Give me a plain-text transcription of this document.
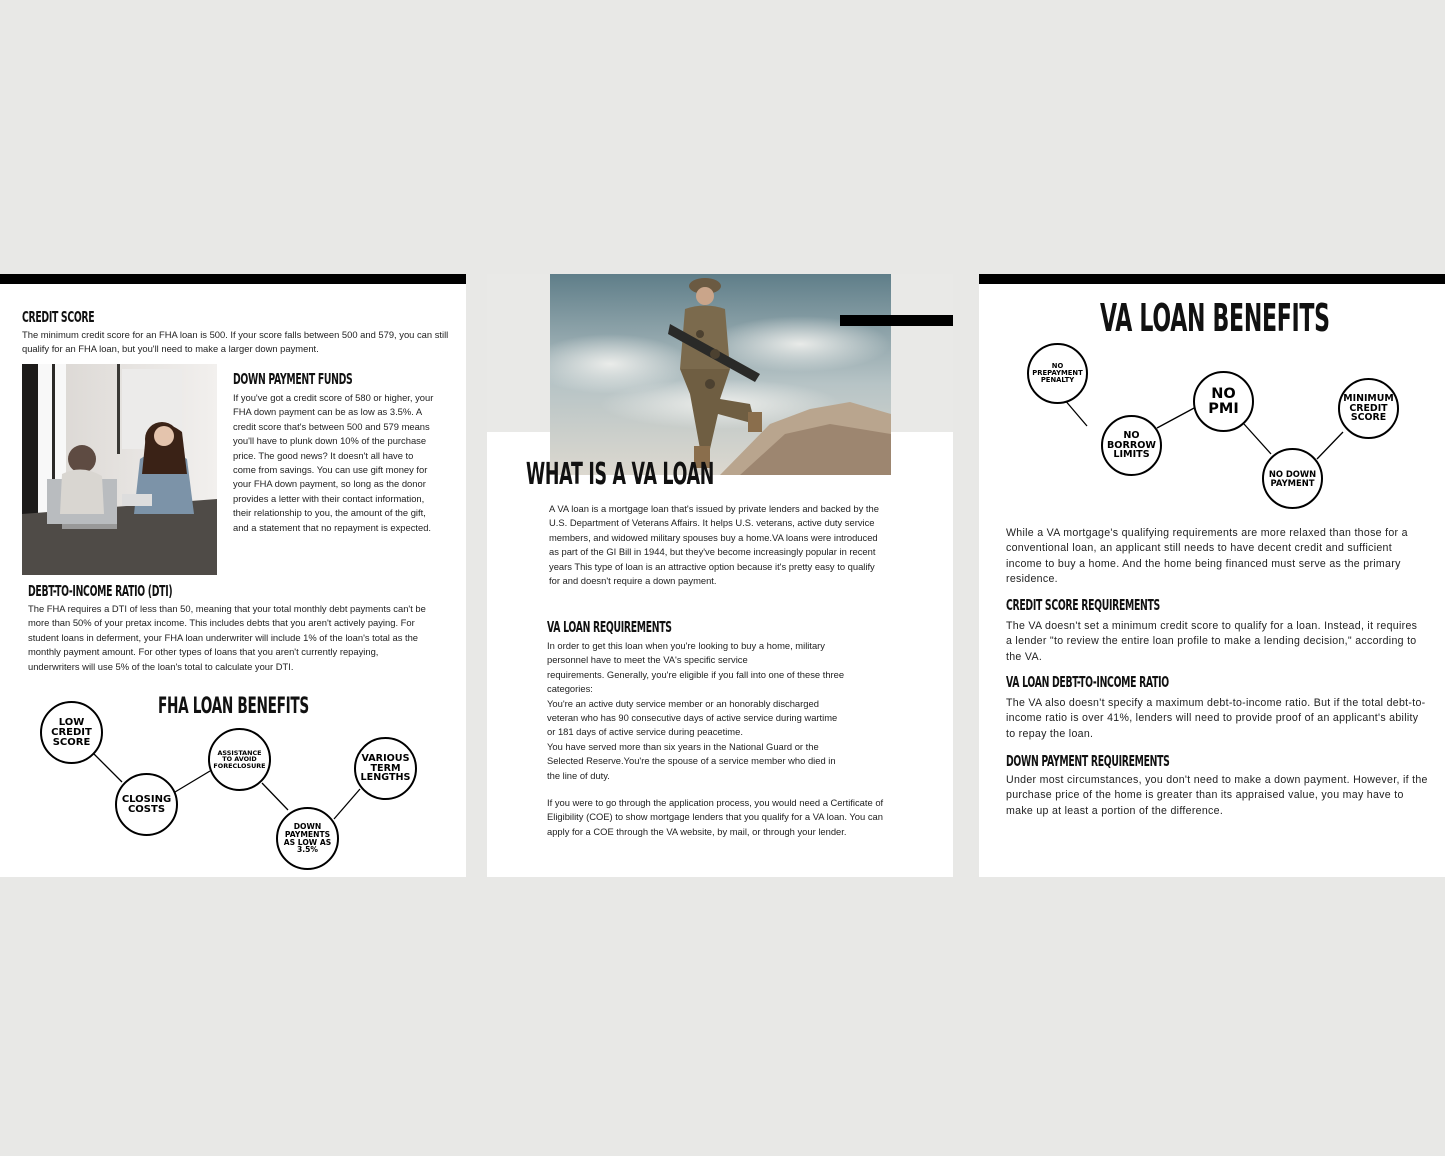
CREDIT SCORE

The minimum credit score for an FHA loan is 500. If your score falls between 500 and 579, you can still qualify for an FHA loan, but you'll need to make a larger down payment.

DOWN PAYMENT FUNDS

If you've got a credit score of 580 or higher, your FHA down payment can be as low as 3.5%. A credit score that's between 500 and 579 means you'll have to plunk down 10% of the purchase price. The good news? It doesn't all have to come from savings. You can use gift money for your FHA down payment, so long as the donor provides a letter with their contact information, their relationship to you, the amount of the gift, and a statement that no repayment is expected.

DEBT-TO-INCOME RATIO (DTI)

The FHA requires a DTI of less than 50, meaning that your total monthly debt payments can't be more than 50% of your pretax income. This includes debts that you aren't actively paying. For student loans in deferment, your FHA loan underwriter will include 1% of the loan's total as the monthly payment amount. For other types of loans that you aren't currently repaying, underwriters will use 5% of the loan's total to calculate your DTI.

FHA LOAN BENEFITS
LOW CREDIT SCORE
CLOSING COSTS
ASSISTANCE TO AVOID FORECLOSURE
DOWN PAYMENTS AS LOW AS 3.5%
VARIOUS TERM LENGTHS
WHAT IS A VA LOAN

A VA loan is a mortgage loan that's issued by private lenders and backed by the U.S. Department of Veterans Affairs. It helps U.S. veterans, active duty service members, and widowed military spouses buy a home.VA loans were introduced as part of the GI Bill in 1944, but they've become increasingly popular in recent years This type of loan is an attractive option because it's pretty easy to qualify for and doesn't require a down payment.

VA LOAN REQUIREMENTS
In order to get this loan when you're looking to buy a home, military
personnel have to meet the VA's specific service
requirements. Generally, you're eligible if you fall into one of these three
categories:
You're an active duty service member or an honorably discharged
veteran who has 90 consecutive days of active service during wartime
or 181 days of active service during peacetime.
You have served more than six years in the National Guard or the
Selected Reserve.You're the spouse of a service member who died in
the line of duty.

If you were to go through the application process, you would need a Certificate of Eligibility (COE) to show mortgage lenders that you qualify for a VA loan. You can apply for a COE through the VA website, by mail, or through your lender.

VA LOAN BENEFITS
NO PREPAYMENT PENALTY
NO BORROW LIMITS
NO PMI
NO DOWN PAYMENT
MINIMUM CREDIT SCORE

While a VA mortgage's qualifying requirements are more relaxed than those for a conventional loan, an applicant still needs to have decent credit and sufficient income to buy a home. And the home being financed must serve as the primary residence.

CREDIT SCORE REQUIREMENTS

The VA doesn't set a minimum credit score to qualify for a loan. Instead, it requires a lender "to review the entire loan profile to make a lending decision," according to the VA.

VA LOAN DEBT-TO-INCOME RATIO

The VA also doesn't specify a maximum debt-to-income ratio. But if the total debt-to-income ratio is over 41%, lenders will need to provide proof of an applicant's ability to repay the loan.

DOWN PAYMENT REQUIREMENTS

Under most circumstances, you don't need to make a down payment. However, if the purchase price of the home is greater than its appraised value, you may have to make up at least a portion of the difference.
